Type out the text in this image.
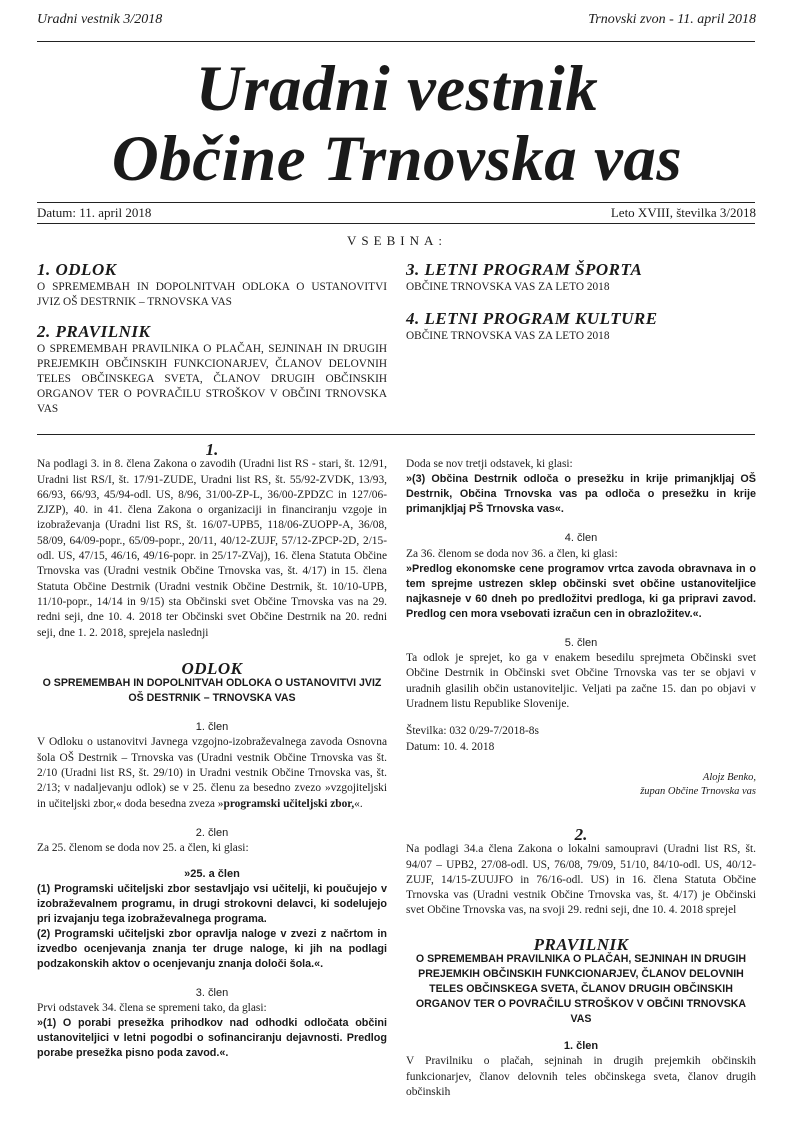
Uradni vestnik 3/2018	Trnovski zvon - 11. april 2018
Uradni vestnik
Občine Trnovska vas
Datum: 11. april 2018	Leto XVIII, številka 3/2018
VSEBINA:
1. ODLOK
O SPREMEMBAH IN DOPOLNITVAH ODLOKA O USTANOVITVI JVIZ OŠ DESTRNIK – TRNOVSKA VAS
2. PRAVILNIK
O SPREMEMBAH PRAVILNIKA O PLAČAH, SEJNINAH IN DRUGIH PREJEMKIH OBČINSKIH FUNKCIONARJEV, ČLANOV DELOVNIH TELES OBČINSKEGA SVETA, ČLANOV DRUGIH OBČINSKIH ORGANOV TER O POVRAČILU STROŠKOV V OBČINI TRNOVSKA VAS
3. LETNI PROGRAM ŠPORTA
OBČINE TRNOVSKA VAS ZA LETO 2018
4. LETNI PROGRAM KULTURE
OBČINE TRNOVSKA VAS ZA LETO 2018

1.

Na podlagi 3. in 8. člena Zakona o zavodih (Uradni list RS - stari, št. 12/91, Uradni list RS/I, št. 17/91-ZUDE, Uradni list RS, št. 55/92-ZVDK, 13/93, 66/93, 66/93, 45/94-odl. US, 8/96, 31/00-ZP-L, 36/00-ZPDZC in 127/06-ZJZP), 40. in 41. člena Zakona o organizaciji in financiranju vzgoje in izobraževanja (Uradni list RS, št. 16/07-UPB5, 118/06-ZUOPP-A, 36/08, 58/09, 64/09-popr., 65/09-popr., 20/11, 40/12-ZUJF, 57/12-ZPCP-2D, 2/15-odl. US, 47/15, 46/16, 49/16-popr. in 25/17-ZVaj), 16. člena Statuta Občine Trnovska vas (Uradni vestnik Občine Trnovska vas, št. 4/17) in 15. člena Statuta Občine Destrnik (Uradni vestnik Občine Destrnik, št. 10/10-UPB, 11/10-popr., 14/14 in 9/15) sta Občinski svet Občine Trnovska vas na 29. redni seji, dne 10. 4. 2018 ter Občinski svet Občine Destrnik na 20. redni seji, dne 1. 2. 2018, sprejela naslednji

ODLOK

O SPREMEMBAH IN DOPOLNITVAH ODLOKA O USTANOVITVI JVIZ OŠ DESTRNIK – TRNOVSKA VAS

1. člen

V Odloku o ustanovitvi Javnega vzgojno-izobraževalnega zavoda Osnovna šola OŠ Destrnik – Trnovska vas (Uradni vestnik Občine Trnovska vas št. 2/10 (Uradni list RS, št. 29/10) in Uradni vestnik Občine Trnovska vas, št. 2/13; v nadaljevanju odlok) se v 25. členu za besedno zvezo »vzgojiteljski in učiteljski zbor,« doda besedna zveza »programski učiteljski zbor,«.

2. člen

Za 25. členom se doda nov 25. a člen, ki glasi:

»25. a člen

(1) Programski učiteljski zbor sestavljajo vsi učitelji, ki poučujejo v izobraževalnem programu, in drugi strokovni delavci, ki sodelujejo pri izvajanju tega izobraževalnega programa.

(2) Programski učiteljski zbor opravlja naloge v zvezi z načrtom in izvedbo ocenjevanja znanja ter druge naloge, ki jih na podlagi podzakonskih aktov o ocenjevanju znanja določi šola.«.

3. člen

Prvi odstavek 34. člena se spremeni tako, da glasi:

»(1) O porabi presežka prihodkov nad odhodki odločata občini ustanoviteljici v letni pogodbi o sofinanciranju dejavnosti. Predlog porabe presežka pisno poda zavod.«.

Doda se nov tretji odstavek, ki glasi:

»(3) Občina Destrnik odloča o presežku in krije primanjkljaj OŠ Destrnik, Občina Trnovska vas pa odloča o presežku in krije primanjkljaj PŠ Trnovska vas«.

4. člen

Za 36. členom se doda nov 36. a člen, ki glasi:

»Predlog ekonomske cene programov vrtca zavoda obravnava in o tem sprejme ustrezen sklep občinski svet občine ustanoviteljice najkasneje v 60 dneh po predložitvi predloga, ki ga pripravi zavod. Predlog cen mora vsebovati izračun cen in obrazložitev.«.

5. člen

Ta odlok je sprejet, ko ga v enakem besedilu sprejmeta Občinski svet Občine Destrnik in Občinski svet Občine Trnovska vas ter se objavi v uradnih glasilih občin ustanoviteljic. Veljati pa začne 15. dan po objavi v Uradnem listu Republike Slovenije.

Številka: 032 0/29-7/2018-8s

Datum: 10. 4. 2018

Alojz Benko,

župan Občine Trnovska vas

2.

Na podlagi 34.a člena Zakona o lokalni samoupravi (Uradni list RS, št. 94/07 – UPB2, 27/08-odl. US, 76/08, 79/09, 51/10, 84/10-odl. US, 40/12-ZUJF, 14/15-ZUUJFO in 76/16-odl. US) in 16. člena Statuta Občine Trnovska vas (Uradni vestnik Občine Trnovska vas, št. 4/17) je Občinski svet Občine Trnovska vas, na svoji 29. redni seji, dne 10. 4. 2018 sprejel

PRAVILNIK

O SPREMEMBAH PRAVILNIKA O PLAČAH, SEJNINAH IN DRUGIH PREJEMKIH OBČINSKIH FUNKCIONARJEV, ČLANOV DELOVNIH TELES OBČINSKEGA SVETA, ČLANOV DRUGIH OBČINSKIH ORGANOV TER O POVRAČILU STROŠKOV V OBČINI TRNOVSKA VAS

1. člen

V Pravilniku o plačah, sejninah in drugih prejemkih občinskih funkcionarjev, članov delovnih teles občinskega sveta, članov drugih občinskih
